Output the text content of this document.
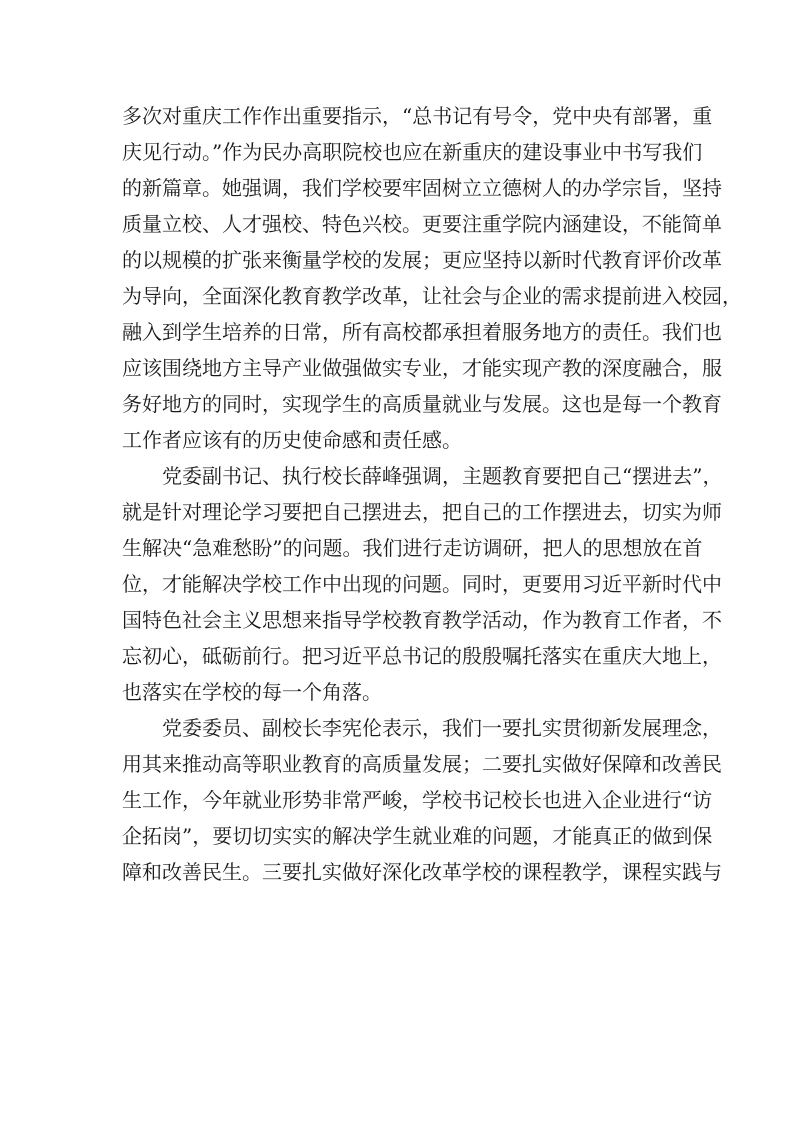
多次对重庆工作作出重要指示，“总书记有号令，党中央有部署，重
庆见行动。”作为民办高职院校也应在新重庆的建设事业中书写我们
的新篇章。她强调，我们学校要牢固树立立德树人的办学宗旨，坚持
质量立校、人才强校、特色兴校。更要注重学院内涵建设，不能简单
的以规模的扩张来衡量学校的发展；更应坚持以新时代教育评价改革
为导向，全面深化教育教学改革，让社会与企业的需求提前进入校园，
融入到学生培养的日常，所有高校都承担着服务地方的责任。我们也
应该围绕地方主导产业做强做实专业，才能实现产教的深度融合，服
务好地方的同时，实现学生的高质量就业与发展。这也是每一个教育
工作者应该有的历史使命感和责任感。
党委副书记、执行校长薛峰强调，主题教育要把自己“摆进去”，
就是针对理论学习要把自己摆进去，把自己的工作摆进去，切实为师
生解决“急难愁盼”的问题。我们进行走访调研，把人的思想放在首
位，才能解决学校工作中出现的问题。同时，更要用习近平新时代中
国特色社会主义思想来指导学校教育教学活动，作为教育工作者，不
忘初心，砥砺前行。把习近平总书记的殷殷嘱托落实在重庆大地上，
也落实在学校的每一个角落。
党委委员、副校长李宪伦表示，我们一要扎实贯彻新发展理念，
用其来推动高等职业教育的高质量发展；二要扎实做好保障和改善民
生工作，今年就业形势非常严峻，学校书记校长也进入企业进行“访
企拓岗”，要切切实实的解决学生就业难的问题，才能真正的做到保
障和改善民生。三要扎实做好深化改革学校的课程教学，课程实践与
